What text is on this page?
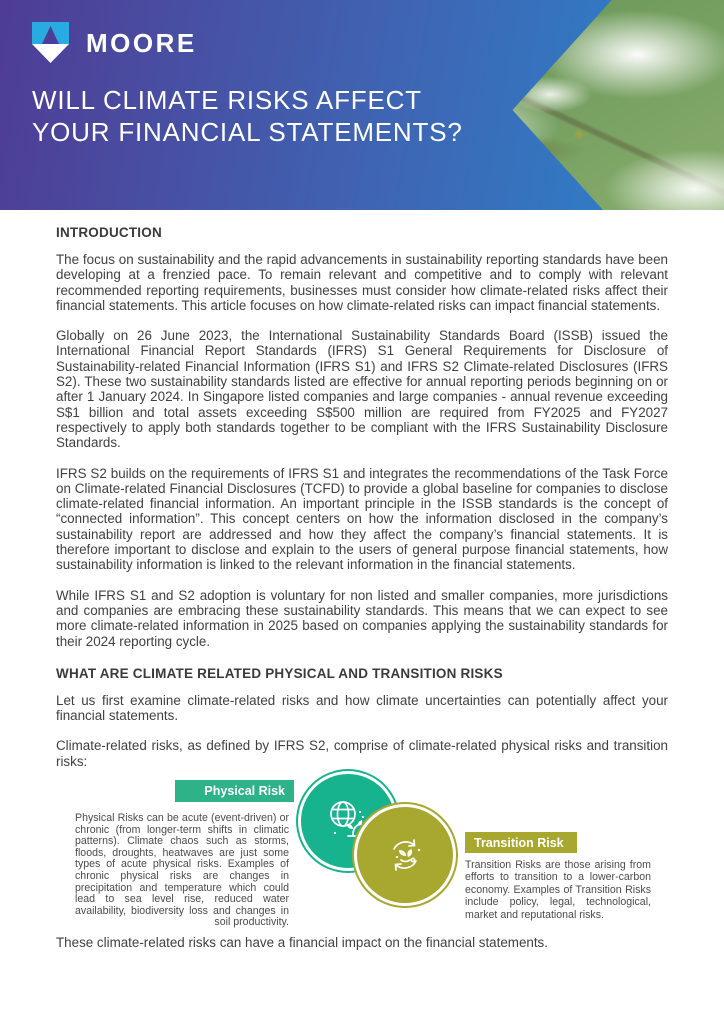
MOORE
WILL CLIMATE RISKS AFFECT
YOUR FINANCIAL STATEMENTS?
INTRODUCTION

The focus on sustainability and the rapid advancements in sustainability reporting standards have been developing at a frenzied pace. To remain relevant and competitive and to comply with relevant recommended reporting requirements, businesses must consider how climate-related risks affect their financial statements. This article focuses on how climate-related risks can impact financial statements.

Globally on 26 June 2023, the International Sustainability Standards Board (ISSB) issued the International Financial Report Standards (IFRS) S1 General Requirements for Disclosure of Sustainability-related Financial Information (IFRS S1) and IFRS S2 Climate-related Disclosures (IFRS S2). These two sustainability standards listed are effective for annual reporting periods beginning on or after 1 January 2024. In Singapore listed companies and large companies - annual revenue exceeding S$1 billion and total assets exceeding S$500 million are required from FY2025 and FY2027 respectively to apply both standards together to be compliant with the IFRS Sustainability Disclosure Standards.

IFRS S2 builds on the requirements of IFRS S1 and integrates the recommendations of the Task Force on Climate-related Financial Disclosures (TCFD) to provide a global baseline for companies to disclose climate-related financial information. An important principle in the ISSB standards is the concept of “connected information”. This concept centers on how the information disclosed in the company’s sustainability report are addressed and how they affect the company’s financial statements. It is therefore important to disclose and explain to the users of general purpose financial statements, how sustainability information is linked to the relevant information in the financial statements.

While IFRS S1 and S2 adoption is voluntary for non listed and smaller companies, more jurisdictions and companies are embracing these sustainability standards. This means that we can expect to see more climate-related information in 2025 based on companies applying the sustainability standards for their 2024 reporting cycle.

WHAT ARE CLIMATE RELATED PHYSICAL AND TRANSITION RISKS

Let us first examine climate-related risks and how climate uncertainties can potentially affect your financial statements.

Climate-related risks, as defined by IFRS S2, comprise of climate-related physical risks and transition risks:

Physical Risk
Physical Risks can be acute (event-driven) or chronic (from longer-term shifts in climatic patterns). Climate chaos such as storms, floods, droughts, heatwaves are just some types of acute physical risks. Examples of chronic physical risks are changes in precipitation and temperature which could lead to sea level rise, reduced water availability, biodiversity loss and changes in soil productivity.
Transition Risk
Transition Risks are those arising from efforts to transition to a lower-carbon economy. Examples of Transition Risks include policy, legal, technological, market and reputational risks.

These climate-related risks can have a financial impact on the financial statements.
